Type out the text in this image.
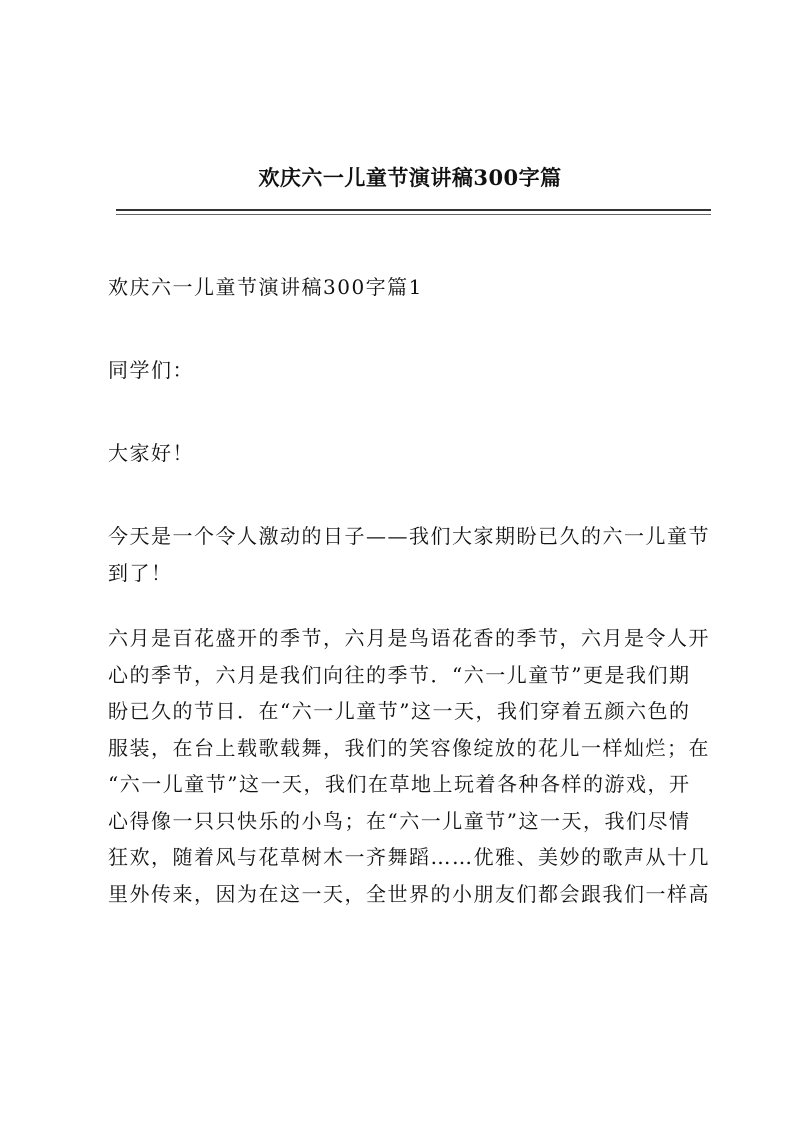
欢庆六一儿童节演讲稿300字篇

欢庆六一儿童节演讲稿300字篇1

同学们：

大家好！

今天是一个令人激动的日子——我们大家期盼已久的六一儿童节
到了！

六月是百花盛开的季节，六月是鸟语花香的季节，六月是令人开
心的季节，六月是我们向往的季节．“六一儿童节”更是我们期
盼已久的节日．在“六一儿童节”这一天，我们穿着五颜六色的
服装，在台上载歌载舞，我们的笑容像绽放的花儿一样灿烂；在
“六一儿童节”这一天，我们在草地上玩着各种各样的游戏，开
心得像一只只快乐的小鸟；在“六一儿童节”这一天，我们尽情
狂欢，随着风与花草树木一齐舞蹈……优雅、美妙的歌声从十几
里外传来，因为在这一天，全世界的小朋友们都会跟我们一样高
